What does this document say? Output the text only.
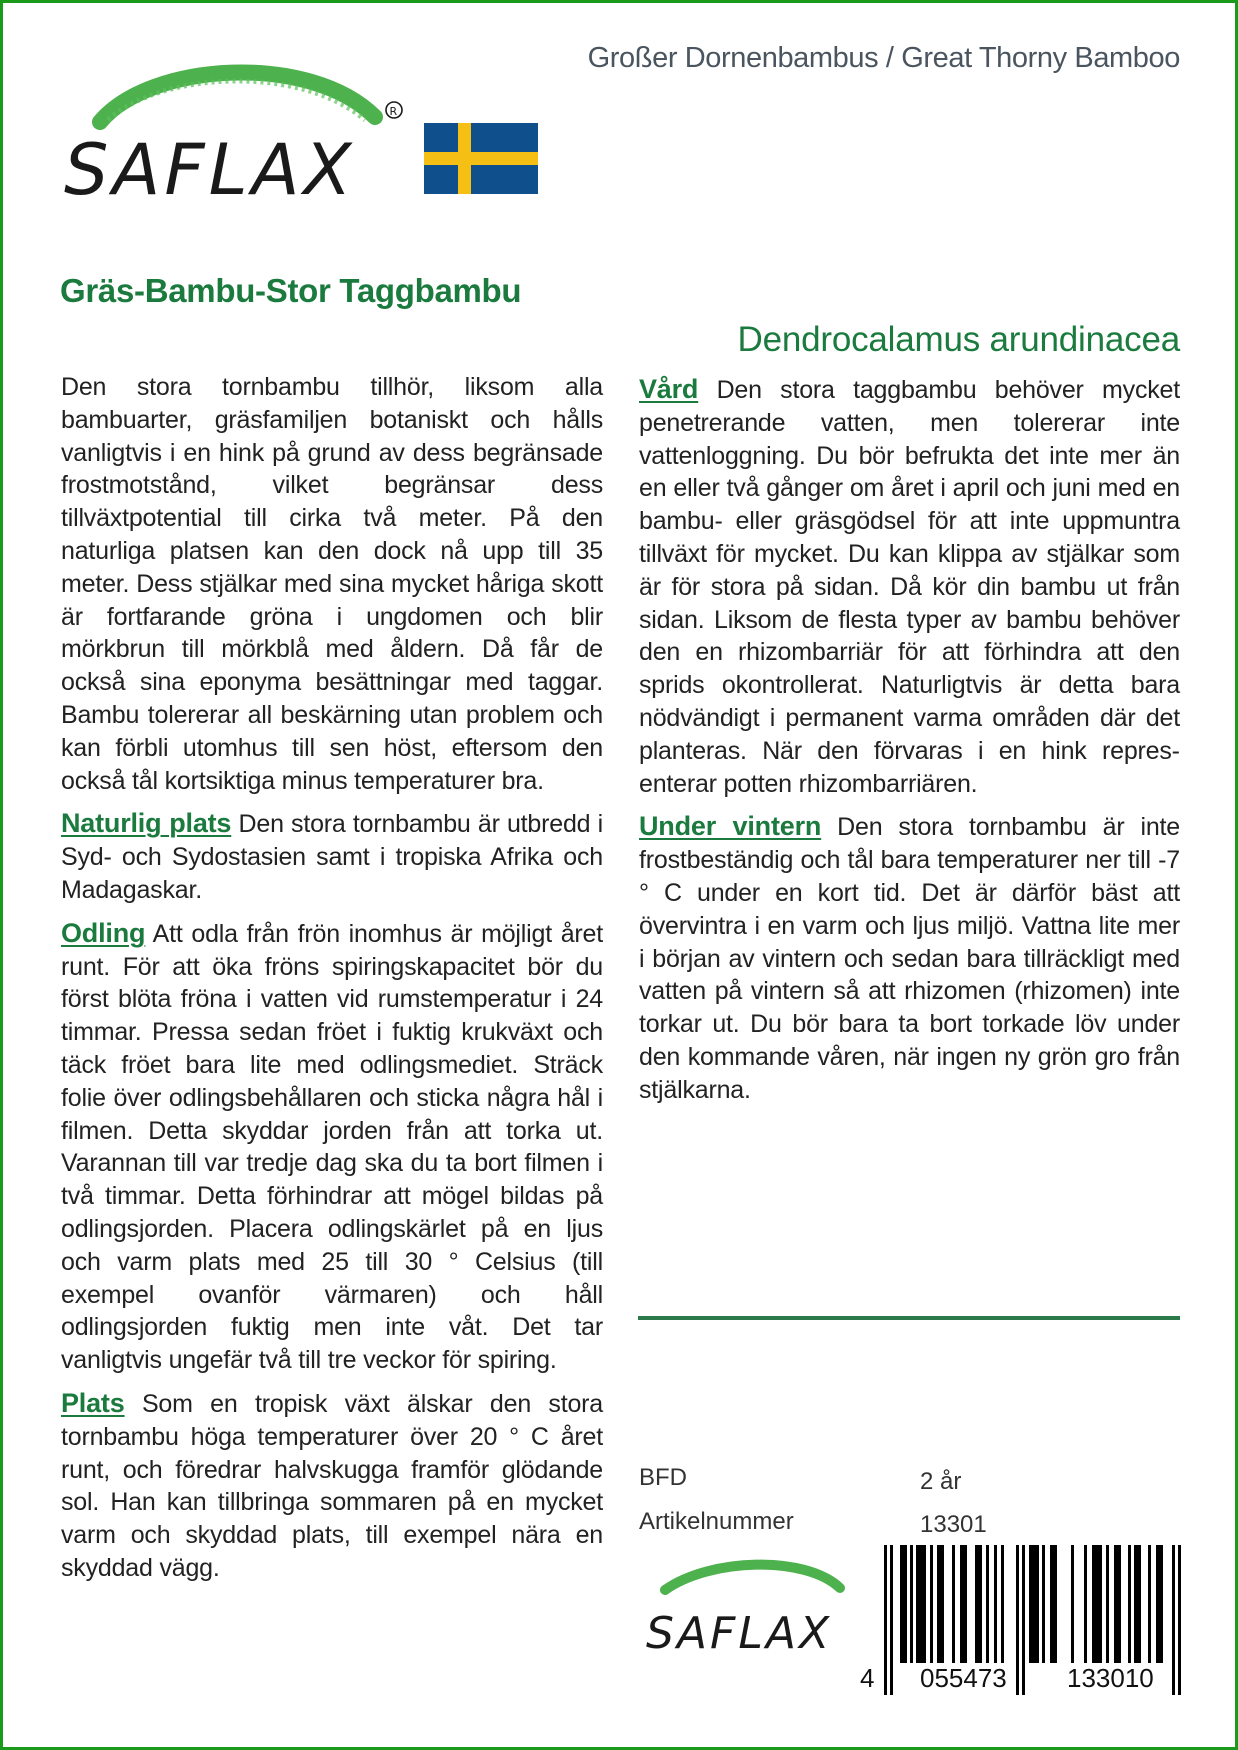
SAFLAX
R
Großer Dornenbambus / Great Thorny Bamboo
Gräs-Bambu-Stor Taggbambu
Dendrocalamus arundinacea

Den stora tornbambu tillhör, liksom alla bambuarter, gräsfamiljen botaniskt och hålls vanligtvis i en hink på grund av dess begränsade frostmotstånd, vilket begränsar dess tillväxtpotential till cirka två meter. På den naturliga platsen kan den dock nå upp till 35 meter. Dess stjälkar med sina mycket håriga skott är fortfarande gröna i ungdomen och blir mörkbrun till mörkblå med åldern. Då får de också sina eponyma besättningar med taggar. Bambu tolererar all beskärning utan problem och kan förbli utomhus till sen höst, eftersom den också tål kortsiktiga minus temperaturer bra.

Naturlig plats Den stora tornbambu är utbredd i Syd- och Sydostasien samt i tropiska Afrika och Madagaskar.

Odling Att odla från frön inomhus är möjligt året runt. För att öka fröns spiringskapacitet bör du först blöta fröna i vatten vid rumstemperatur i 24 timmar. Pressa sedan fröet i fuktig krukväxt och täck fröet bara lite med odlingsmediet. Sträck folie över odlingsbehållaren och sticka några hål i filmen. Detta skyddar jorden från att torka ut. Varannan till var tredje dag ska du ta bort filmen i två timmar. Detta förhindrar att mögel bildas på odlingsjorden. Placera odlingskärlet på en ljus och varm plats med 25 till 30 ° Celsius (till exempel ovanför värmaren) och håll odlingsjorden fuktig men inte våt. Det tar vanligtvis ungefär två till tre veckor för spiring.

Plats Som en tropisk växt älskar den stora tornbambu höga temperaturer över 20 ° C året runt, och föredrar halvskugga framför glödande sol. Han kan tillbringa sommaren på en mycket varm och skyddad plats, till exempel nära en skyddad vägg.

Vård Den stora taggbambu behöver mycket penetrerande vatten, men tolererar inte vattenloggning. Du bör befrukta det inte mer än en eller två gånger om året i april och juni med en bambu- eller gräsgödsel för att inte uppmuntra tillväxt för mycket. Du kan klippa av stjälkar som är för stora på sidan. Då kör din bambu ut från sidan. Liksom de flesta typer av bambu behöver den en rhizombarriär för att förhindra att den sprids okontrollerat. Naturligtvis är detta bara nödvändigt i permanent varma områden där det planteras. När den förvaras i en hink representerar potten rhizombarriären.

Under vintern Den stora tornbambu är inte frostbeständig och tål bara temperaturer ner till -7 ° C under en kort tid. Det är därför bäst att övervintra i en varm och ljus miljö. Vattna lite mer i början av vintern och sedan bara tillräckligt med vatten på vintern så att rhizomen (rhizomen) inte torkar ut. Du bör bara ta bort torkade löv under den kommande våren, när ingen ny grön gro från stjälkarna.

BFD	2 år
Artikelnummer	13301
SAFLAX
4 055473 133010
